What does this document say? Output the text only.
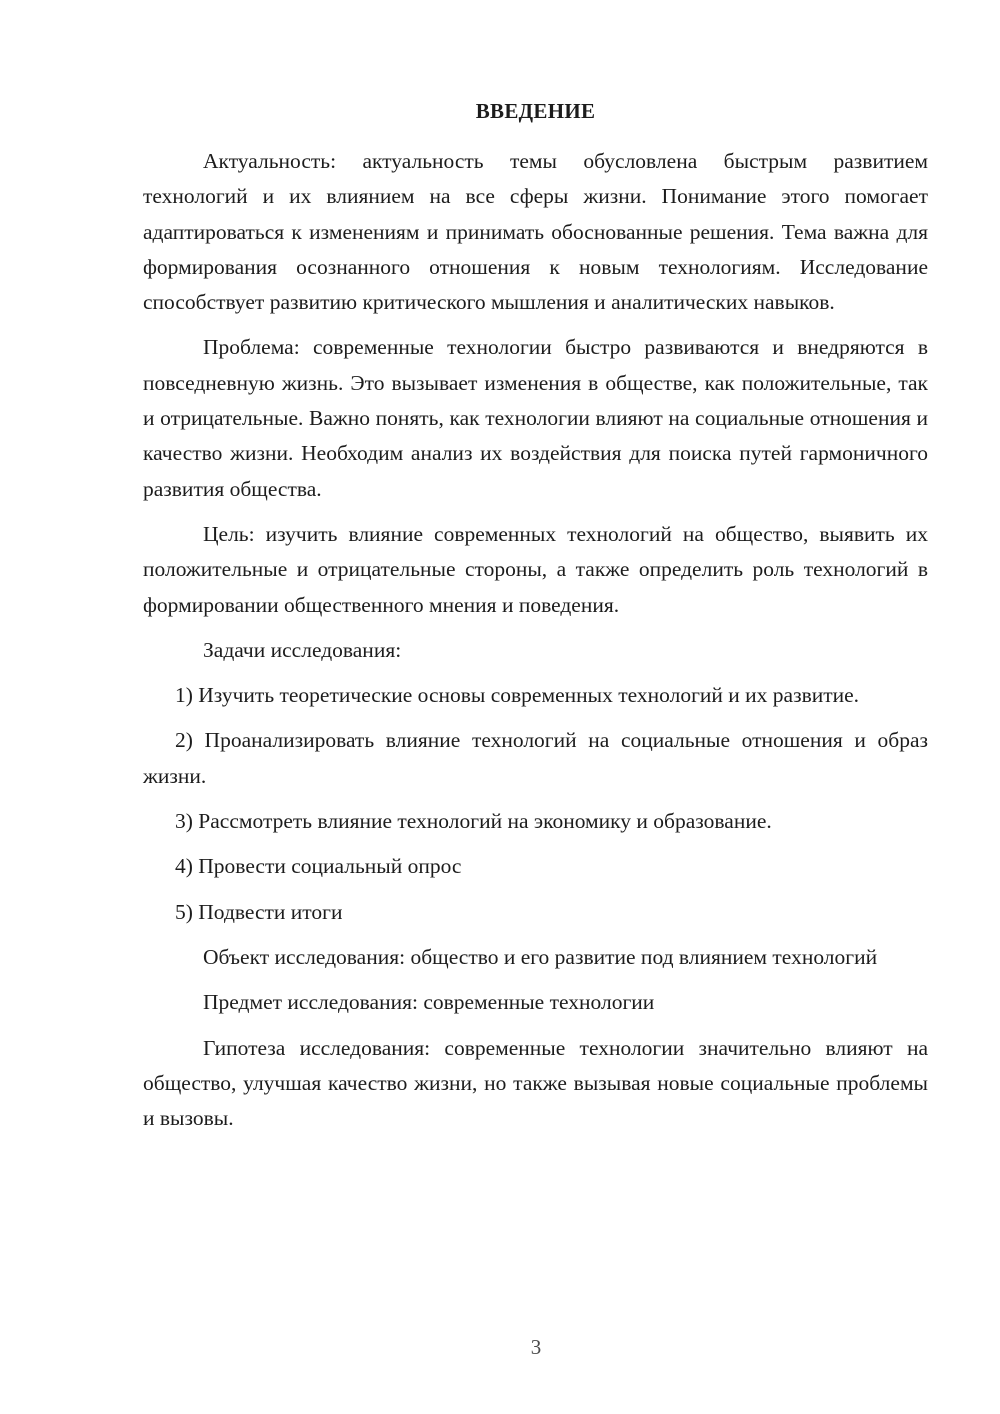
ВВЕДЕНИЕ

Актуальность: актуальность темы обусловлена быстрым развитием технологий и их влиянием на все сферы жизни. Понимание этого помогает адаптироваться к изменениям и принимать обоснованные решения. Тема важна для формирования осознанного отношения к новым технологиям. Исследование способствует развитию критического мышления и аналитических навыков.

Проблема: современные технологии быстро развиваются и внедряются в повседневную жизнь. Это вызывает изменения в обществе, как положительные, так и отрицательные. Важно понять, как технологии влияют на социальные отношения и качество жизни. Необходим анализ их воздействия для поиска путей гармоничного развития общества.

Цель: изучить влияние современных технологий на общество, выявить их положительные и отрицательные стороны, а также определить роль технологий в формировании общественного мнения и поведения.

Задачи исследования:

1) Изучить теоретические основы современных технологий и их развитие.

2) Проанализировать влияние технологий на социальные отношения и образ жизни.

3) Рассмотреть влияние технологий на экономику и образование.

4) Провести социальный опрос

5) Подвести итоги

Объект исследования: общество и его развитие под влиянием технологий

Предмет исследования: современные технологии

Гипотеза исследования: современные технологии значительно влияют на общество, улучшая качество жизни, но также вызывая новые социальные проблемы и вызовы.

3
